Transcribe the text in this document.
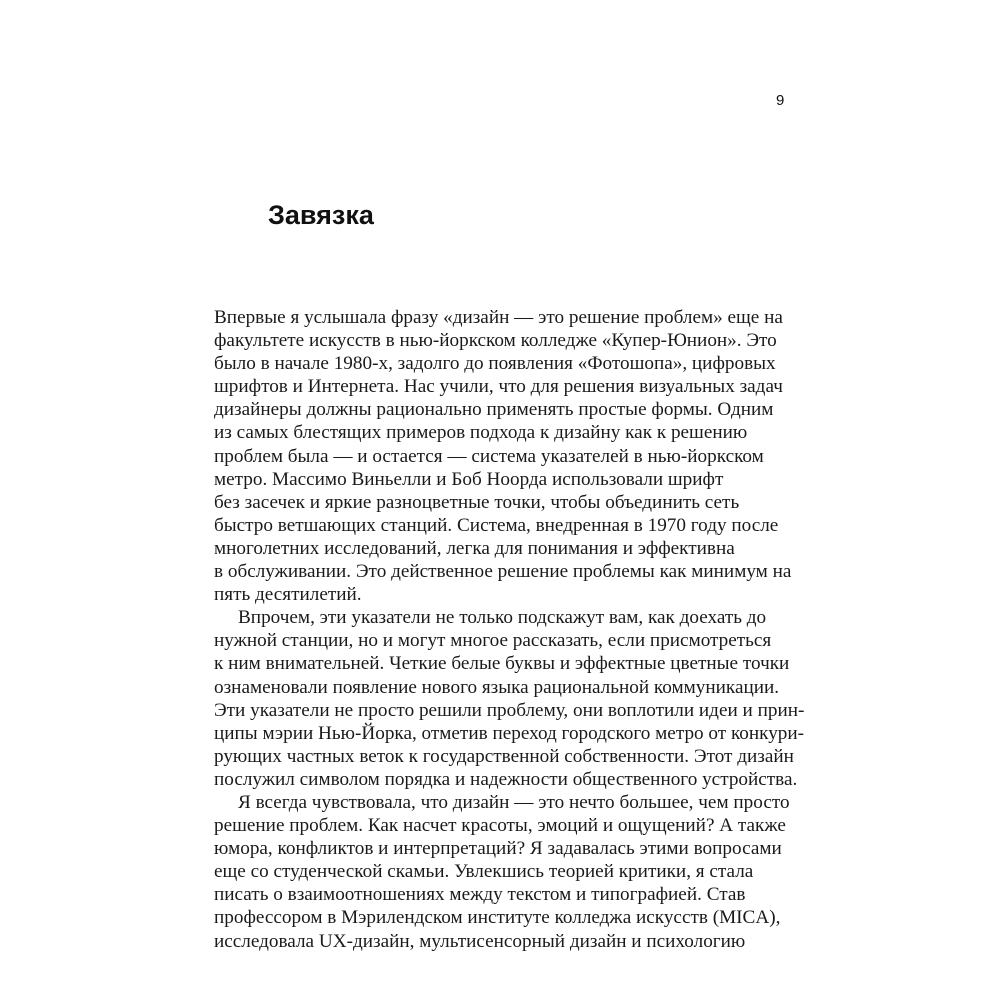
9
Завязка
Впервые я услышала фразу «дизайн — это решение проблем» еще на
факультете искусств в нью-йоркском колледже «Купер-Юнион». Это
было в начале 1980-х, задолго до появления «Фотошопа», цифровых
шрифтов и Интернета. Нас учили, что для решения визуальных задач
дизайнеры должны рационально применять простые формы. Одним
из самых блестящих примеров подхода к дизайну как к решению
проблем была — и остается — система указателей в нью-йоркском
метро. Массимо Виньелли и Боб Ноорда использовали шрифт
без засечек и яркие разноцветные точки, чтобы объединить сеть
быстро ветшающих станций. Система, внедренная в 1970 году после
многолетних исследований, легка для понимания и эффективна
в обслуживании. Это действенное решение проблемы как минимум на
пять десятилетий.
Впрочем, эти указатели не только подскажут вам, как доехать до
нужной станции, но и могут многое рассказать, если присмотреться
к ним внимательней. Четкие белые буквы и эффектные цветные точки
ознаменовали появление нового языка рациональной коммуникации.
Эти указатели не просто решили проблему, они воплотили идеи и прин-
ципы мэрии Нью-Йорка, отметив переход городского метро от конкури-
рующих частных веток к государственной собственности. Этот дизайн
послужил символом порядка и надежности общественного устройства.
Я всегда чувствовала, что дизайн — это нечто большее, чем просто
решение проблем. Как насчет красоты, эмоций и ощущений? А также
юмора, конфликтов и интерпретаций? Я задавалась этими вопросами
еще со студенческой скамьи. Увлекшись теорией критики, я стала
писать о взаимоотношениях между текстом и типографией. Став
профессором в Мэрилендском институте колледжа искусств (MICA),
исследовала UX-дизайн, мультисенсорный дизайн и психологию
